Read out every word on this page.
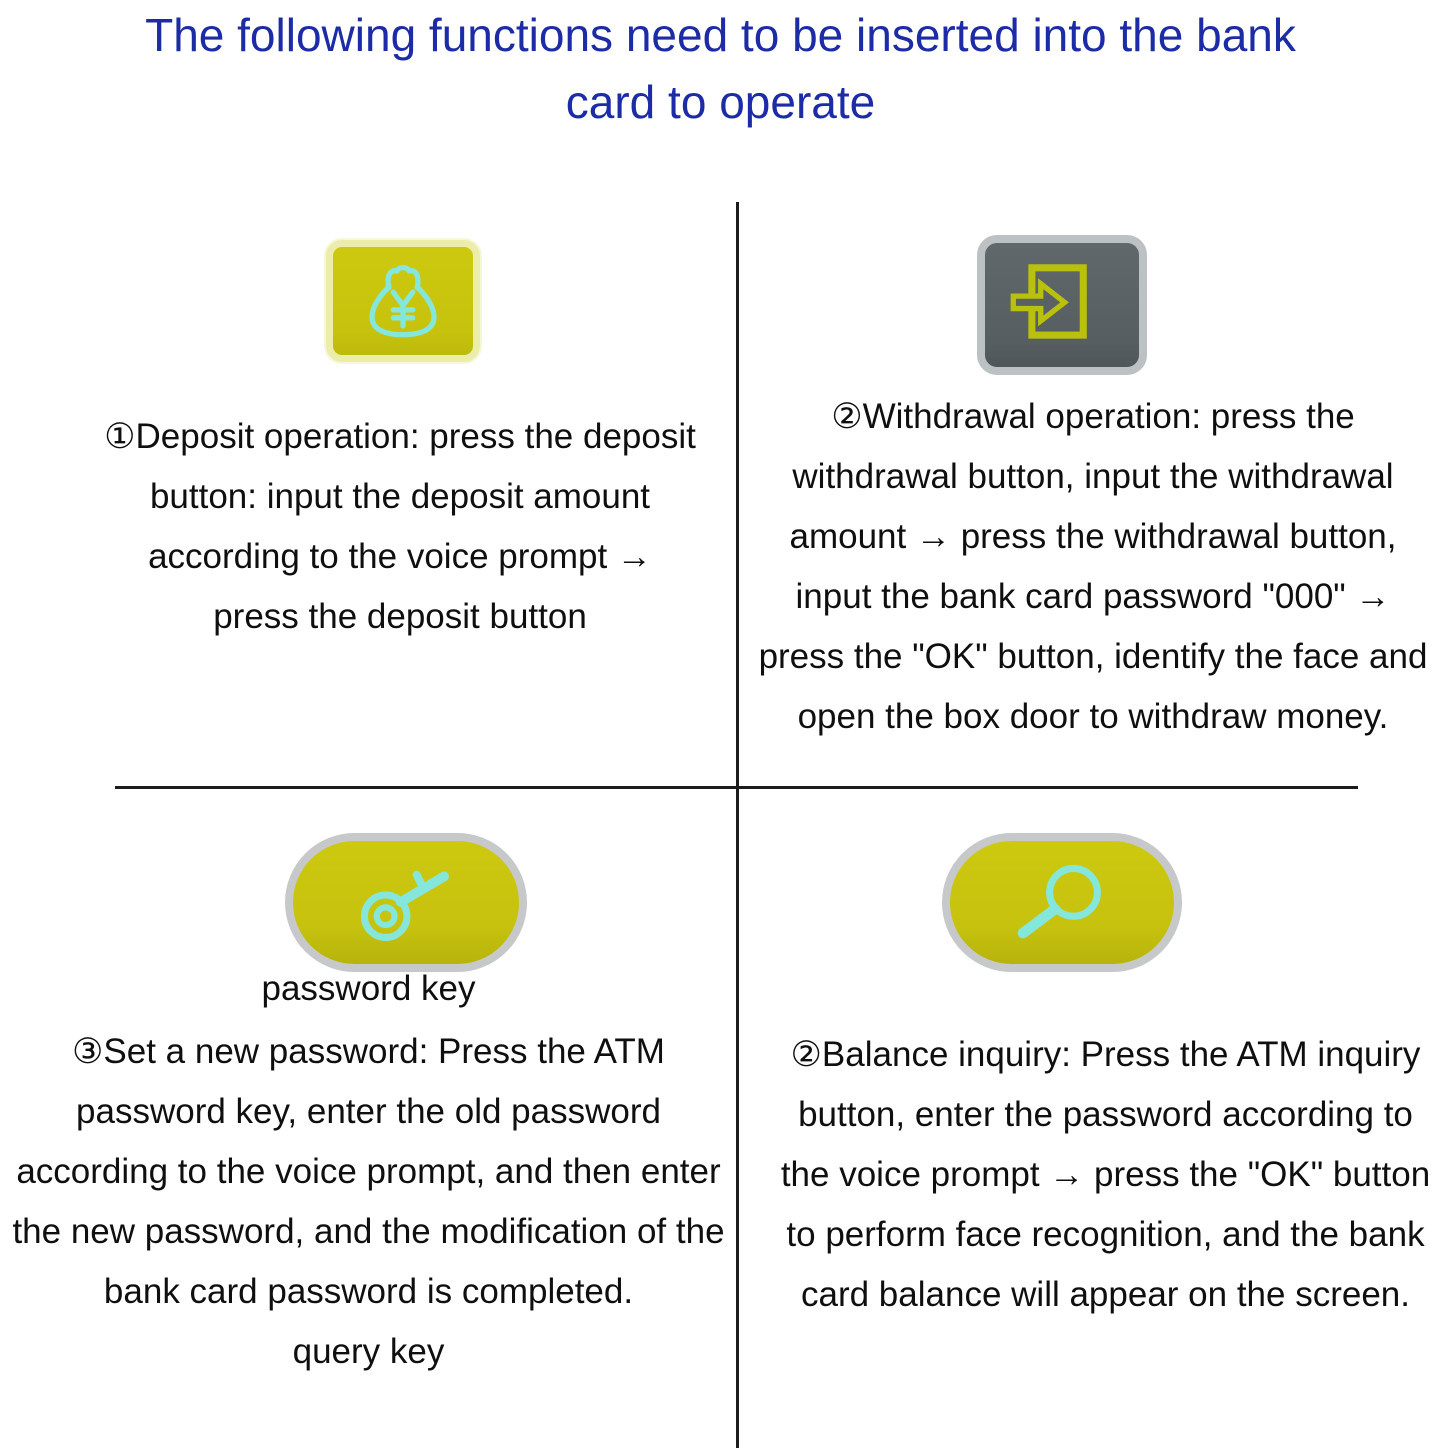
The following functions need to be inserted into the bank
card to operate
①Deposit operation: press the deposit
button: input the deposit amount
according to the voice prompt →
press the deposit button
②Withdrawal operation: press the
withdrawal button, input the withdrawal
amount → press the withdrawal button,
input the bank card password "000" →
press the "OK" button, identify the face and
open the box door to withdraw money.
password key
③Set a new password: Press the ATM
password key, enter the old password
according to the voice prompt, and then enter
the new password, and the modification of the
bank card password is completed.
query key
②Balance inquiry: Press the ATM inquiry
button, enter the password according to
the voice prompt → press the "OK" button
to perform face recognition, and the bank
card balance will appear on the screen.
